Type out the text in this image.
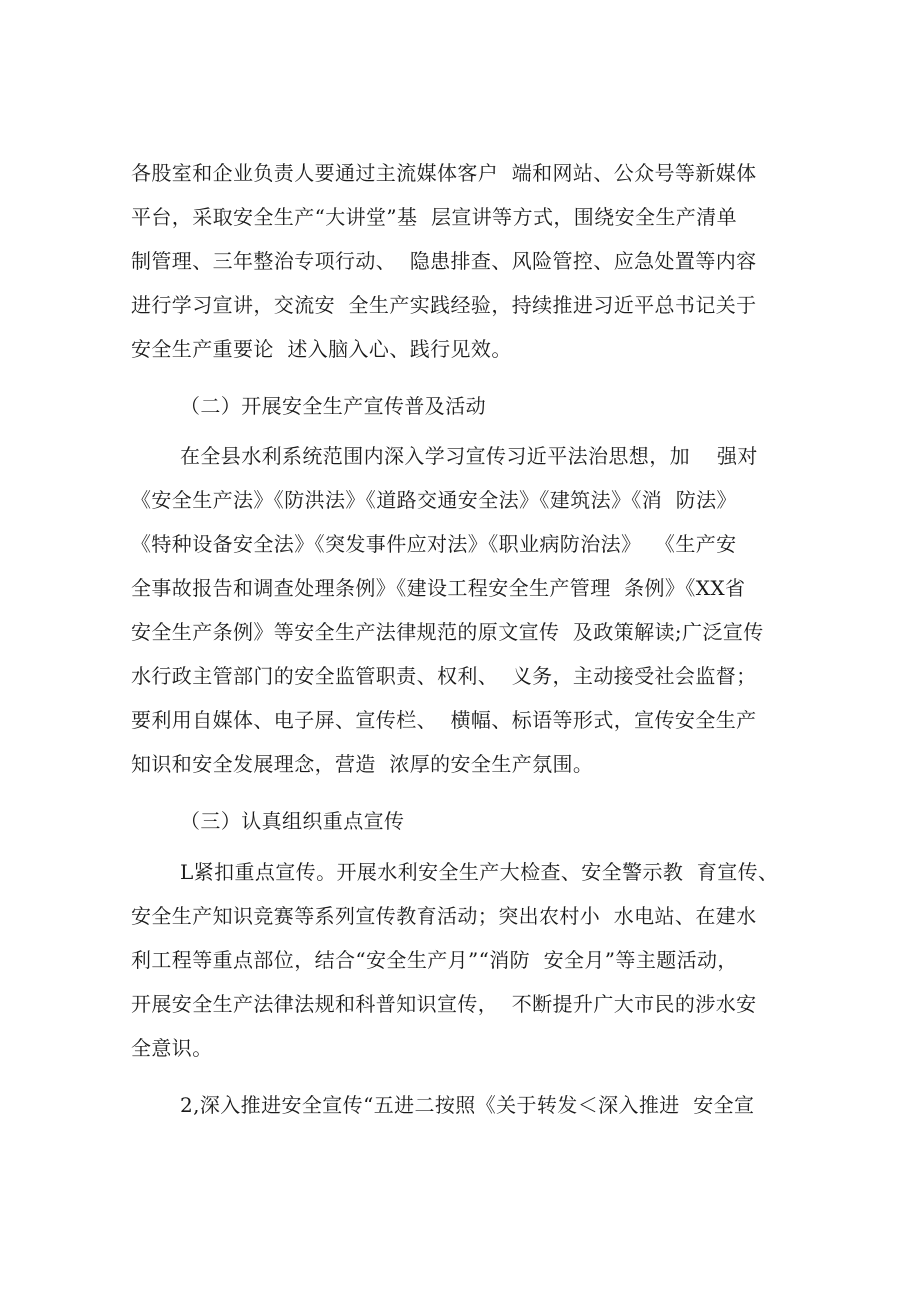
各股室和企业负责人要通过主流媒体客户  端和网站、公众号等新媒体
平台，采取安全生产“大讲堂”基  层宣讲等方式，围绕安全生产清单
制管理、三年整治专项行动、  隐患排查、风险管控、应急处置等内容
进行学习宣讲，交流安  全生产实践经验，持续推进习近平总书记关于
安全生产重要论  述入脑入心、践行见效。
（二）开展安全生产宣传普及活动
在全县水利系统范围内深入学习宣传习近平法治思想，加    强对
《安全生产法》《防洪法》《道路交通安全法》《建筑法》《消  防法》
《特种设备安全法》《突发事件应对法》《职业病防治法》  《生产安
全事故报告和调查处理条例》《建设工程安全生产管理  条例》《XX省
安全生产条例》等安全生产法律规范的原文宣传  及政策解读;广泛宣传
水行政主管部门的安全监管职责、权利、  义务，主动接受社会监督；
要利用自媒体、电子屏、宣传栏、  横幅、标语等形式，宣传安全生产
知识和安全发展理念，营造  浓厚的安全生产氛围。
（三）认真组织重点宣传
L紧扣重点宣传。开展水利安全生产大检查、安全警示教  育宣传、
安全生产知识竞赛等系列宣传教育活动；突出农村小  水电站、在建水
利工程等重点部位，结合“安全生产月”“消防  安全月”等主题活动，
开展安全生产法律法规和科普知识宣传，  不断提升广大市民的涉水安
全意识。
2,深入推进安全宣传“五进二按照《关于转发＜深入推进  安全宣
